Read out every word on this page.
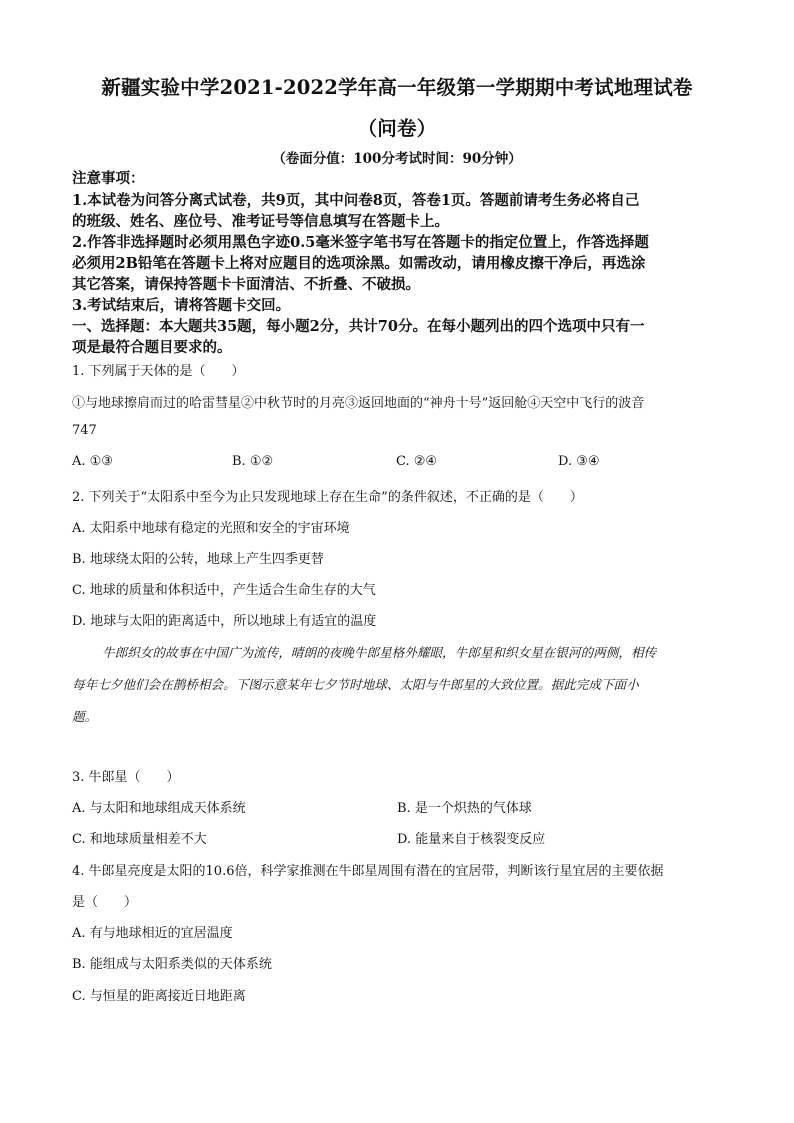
新疆实验中学2021-2022学年高一年级第一学期期中考试地理试卷
（问卷）
（卷面分值：100分考试时间：90分钟）
注意事项：
1.本试卷为问答分离式试卷，共9页，其中问卷8页，答卷1页。答题前请考生务必将自己
的班级、姓名、座位号、准考证号等信息填写在答题卡上。
2.作答非选择题时必须用黑色字迹0.5毫米签字笔书写在答题卡的指定位置上，作答选择题
必须用2B铅笔在答题卡上将对应题目的选项涂黑。如需改动，请用橡皮擦干净后，再选涂
其它答案，请保持答题卡卡面清洁、不折叠、不破损。
3.考试结束后，请将答题卡交回。
一、选择题：本大题共35题，每小题2分，共计70分。在每小题列出的四个选项中只有一
项是最符合题目要求的。
1. 下列属于天体的是（　　）
①与地球擦肩而过的哈雷彗星②中秋节时的月亮③返回地面的“神舟十号”返回舱④天空中飞行的波音
747
A. ①③	B. ①②	C. ②④	D. ③④
2. 下列关于“太阳系中至今为止只发现地球上存在生命”的条件叙述，不正确的是（　　）
A. 太阳系中地球有稳定的光照和安全的宇宙环境
B. 地球绕太阳的公转，地球上产生四季更替
C. 地球的质量和体积适中，产生适合生命生存的大气
D. 地球与太阳的距离适中，所以地球上有适宜的温度
牛郎织女的故事在中国广为流传，晴朗的夜晚牛郎星格外耀眼，牛郎星和织女星在银河的两侧，相传
每年七夕他们会在鹊桥相会。下图示意某年七夕节时地球、太阳与牛郎星的大致位置。据此完成下面小
题。
3. 牛郎星（　　）
A. 与太阳和地球组成天体系统	B. 是一个炽热的气体球
C. 和地球质量相差不大	D. 能量来自于核裂变反应
4. 牛郎星亮度是太阳的10.6倍，科学家推测在牛郎星周围有潜在的宜居带，判断该行星宜居的主要依据
是（　　）
A. 有与地球相近的宜居温度
B. 能组成与太阳系类似的天体系统
C. 与恒星的距离接近日地距离
